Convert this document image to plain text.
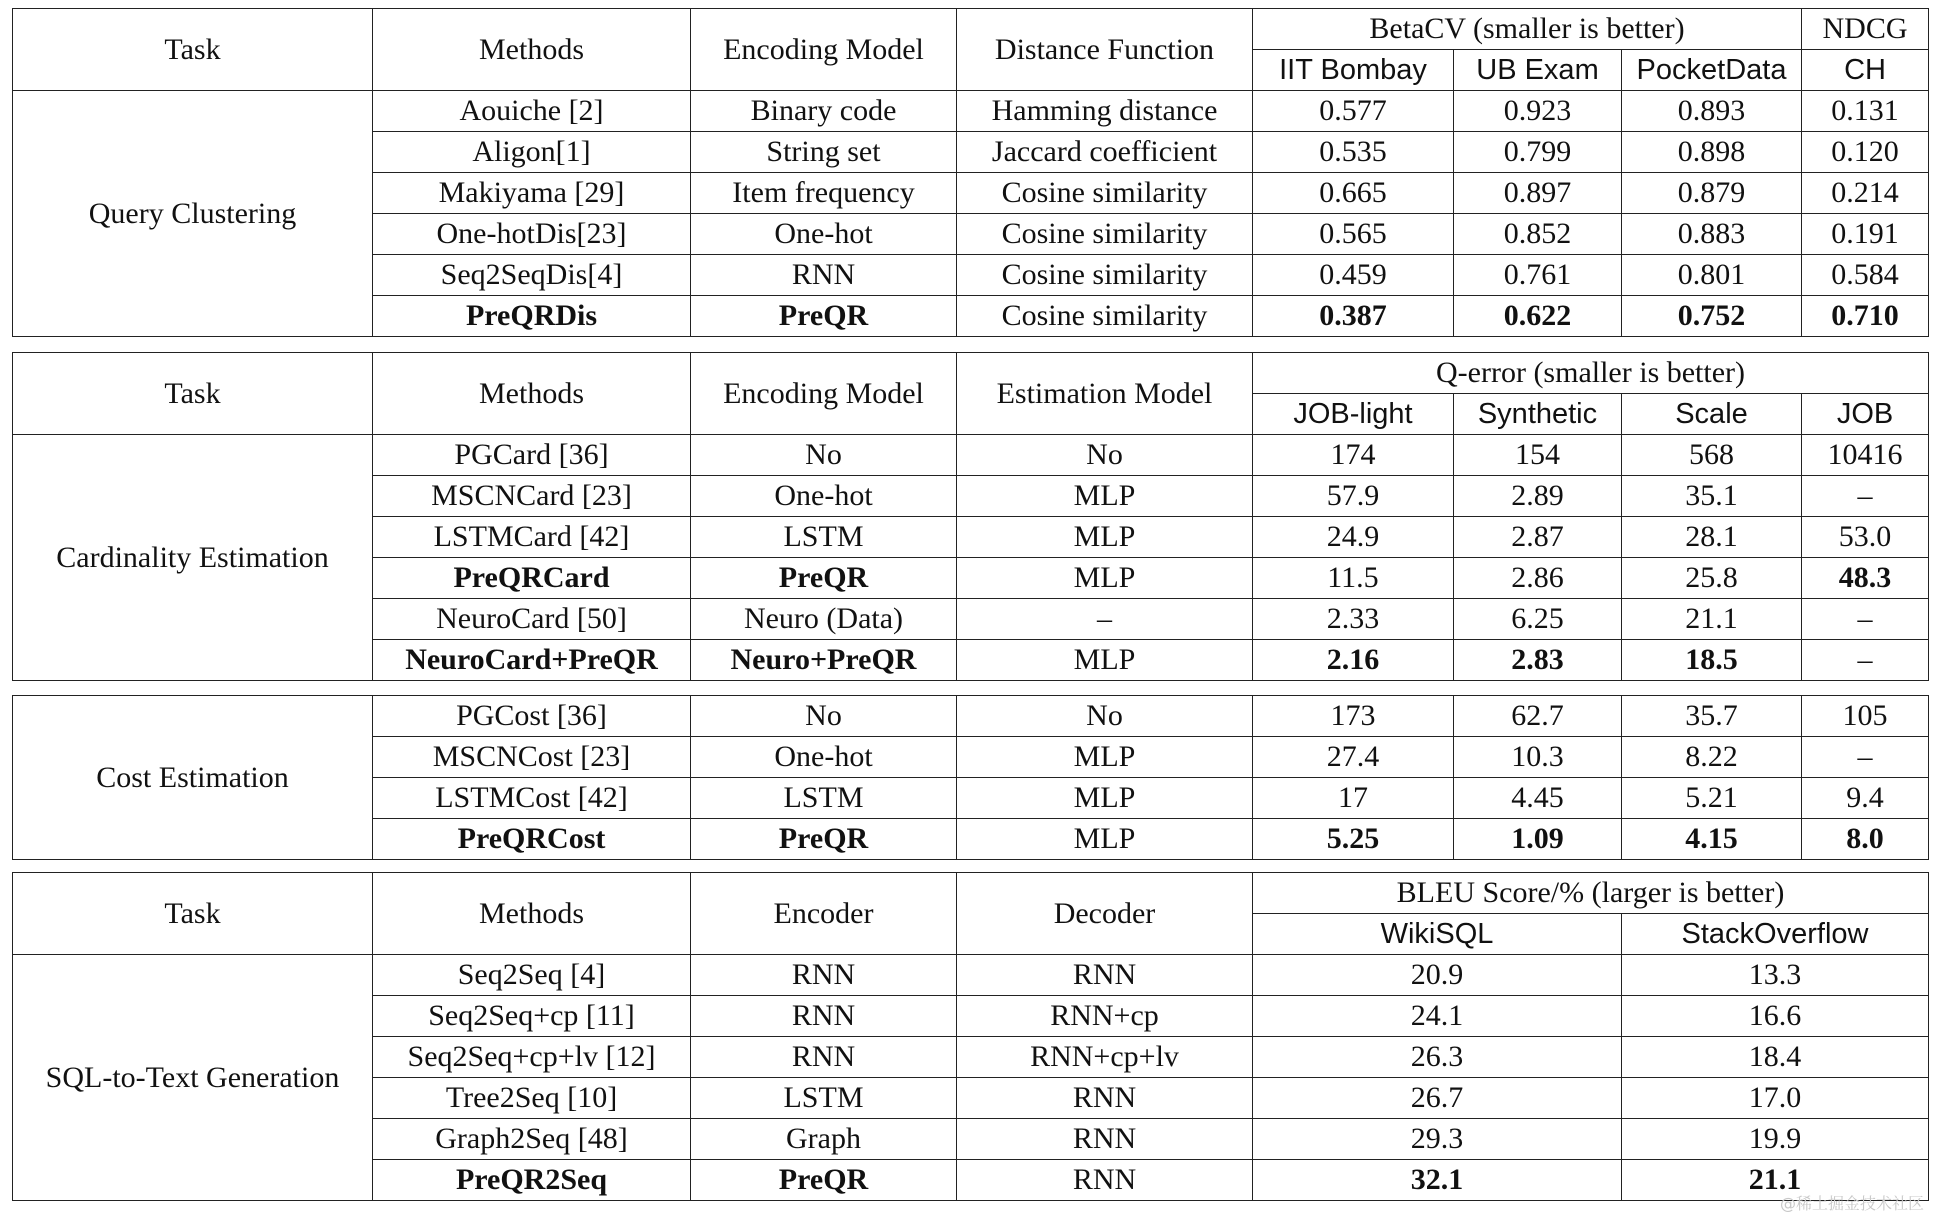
Task	Methods	Encoding Model	Distance Function	BetaCV (smaller is better)			NDCG
				IIT Bombay	UB Exam	PocketData	CH
Query Clustering	Aouiche [2]	Binary code	Hamming distance	0.577	0.923	0.893	0.131
	Aligon[1]	String set	Jaccard coefficient	0.535	0.799	0.898	0.120
	Makiyama [29]	Item frequency	Cosine similarity	0.665	0.897	0.879	0.214
	One-hotDis[23]	One-hot	Cosine similarity	0.565	0.852	0.883	0.191
	Seq2SeqDis[4]	RNN	Cosine similarity	0.459	0.761	0.801	0.584
	PreQRDis	PreQR	Cosine similarity	0.387	0.622	0.752	0.710
Task	Methods	Encoding Model	Estimation Model	Q-error (smaller is better)			
				JOB-light	Synthetic	Scale	JOB
Cardinality Estimation	PGCard [36]	No	No	174	154	568	10416
	MSCNCard [23]	One-hot	MLP	57.9	2.89	35.1	–
	LSTMCard [42]	LSTM	MLP	24.9	2.87	28.1	53.0
	PreQRCard	PreQR	MLP	11.5	2.86	25.8	48.3
	NeuroCard [50]	Neuro (Data)	–	2.33	6.25	21.1	–
	NeuroCard+PreQR	Neuro+PreQR	MLP	2.16	2.83	18.5	–
Cost Estimation	PGCost [36]	No	No	173	62.7	35.7	105
	MSCNCost [23]	One-hot	MLP	27.4	10.3	8.22	–
	LSTMCost [42]	LSTM	MLP	17	4.45	5.21	9.4
	PreQRCost	PreQR	MLP	5.25	1.09	4.15	8.0
Task	Methods	Encoder	Decoder	BLEU Score/% (larger is better)	
				WikiSQL	StackOverflow
SQL-to-Text Generation	Seq2Seq [4]	RNN	RNN	20.9	13.3
	Seq2Seq+cp [11]	RNN	RNN+cp	24.1	16.6
	Seq2Seq+cp+lv [12]	RNN	RNN+cp+lv	26.3	18.4
	Tree2Seq [10]	LSTM	RNN	26.7	17.0
	Graph2Seq [48]	Graph	RNN	29.3	19.9
	PreQR2Seq	PreQR	RNN	32.1	21.1
@稀土掘金技术社区
